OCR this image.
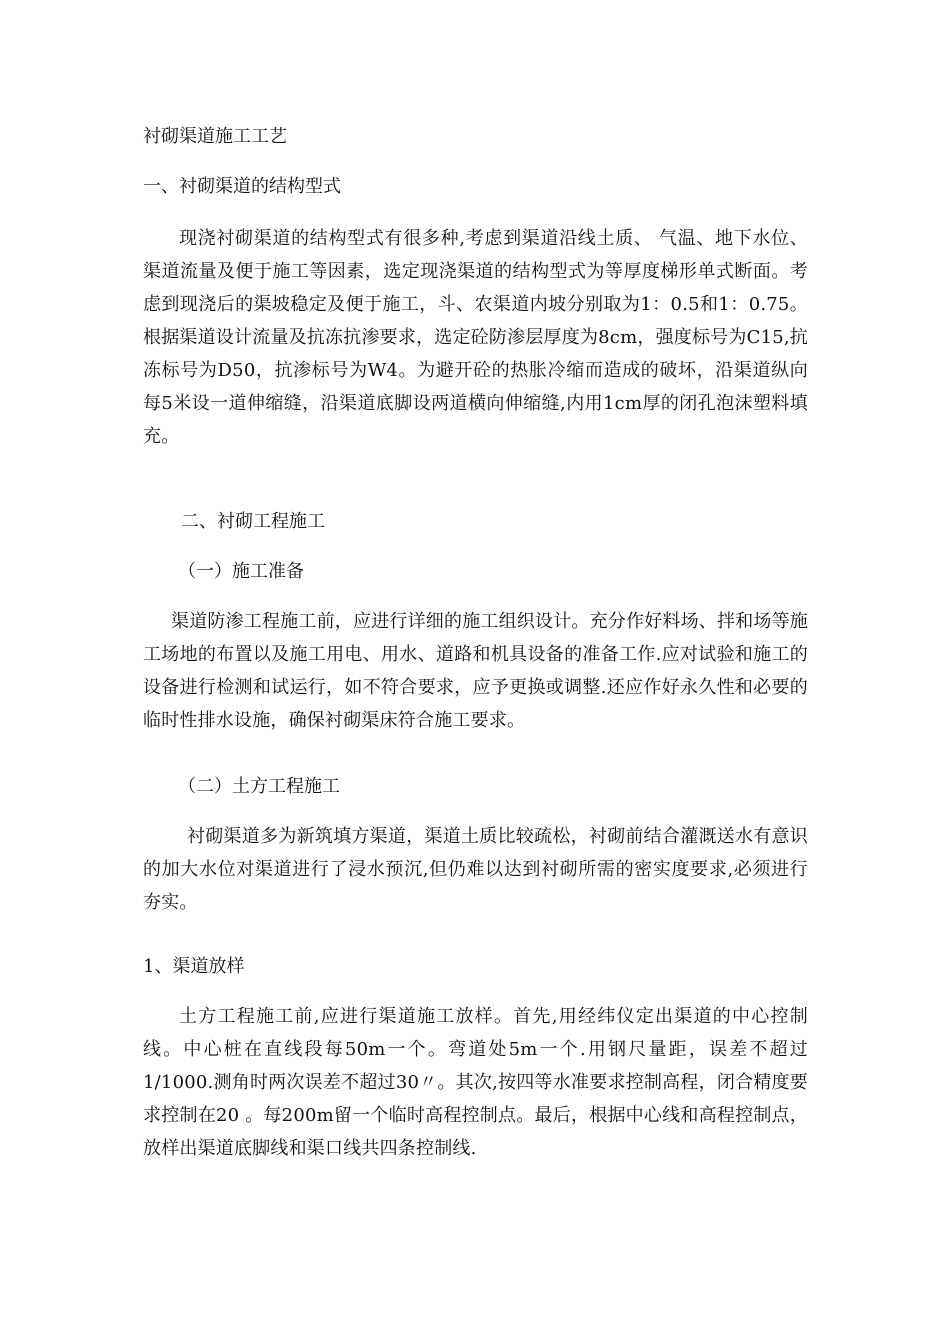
衬砌渠道施工工艺

一、衬砌渠道的结构型式

现浇衬砌渠道的结构型式有很多种,考虑到渠道沿线土质、 气温、地下水位、渠道流量及便于施工等因素，选定现浇渠道的结构型式为等厚度梯形单式断面。考虑到现浇后的渠坡稳定及便于施工，斗、农渠道内坡分别取为1：0.5和1：0.75。根据渠道设计流量及抗冻抗渗要求，选定砼防渗层厚度为8cm，强度标号为C15,抗冻标号为D50，抗渗标号为W4。为避开砼的热胀冷缩而造成的破坏，沿渠道纵向每5米设一道伸缩缝，沿渠道底脚设两道横向伸缩缝,内用1cm厚的闭孔泡沫塑料填充。

二、衬砌工程施工

（一）施工准备

渠道防渗工程施工前，应进行详细的施工组织设计。充分作好料场、拌和场等施工场地的布置以及施工用电、用水、道路和机具设备的准备工作.应对试验和施工的设备进行检测和试运行，如不符合要求，应予更换或调整.还应作好永久性和必要的临时性排水设施，确保衬砌渠床符合施工要求。

（二）土方工程施工

衬砌渠道多为新筑填方渠道，渠道土质比较疏松，衬砌前结合灌溉送水有意识的加大水位对渠道进行了浸水预沉,但仍难以达到衬砌所需的密实度要求,必须进行夯实。

1、渠道放样

土方工程施工前,应进行渠道施工放样。首先,用经纬仪定出渠道的中心控制线。中心桩在直线段每50m一个。弯道处5m一个.用钢尺量距，误差不超过1/1000.测角时两次误差不超过30〃。其次,按四等水准要求控制高程，闭合精度要求控制在20 。每200m留一个临时高程控制点。最后，根据中心线和高程控制点，放样出渠道底脚线和渠口线共四条控制线.
